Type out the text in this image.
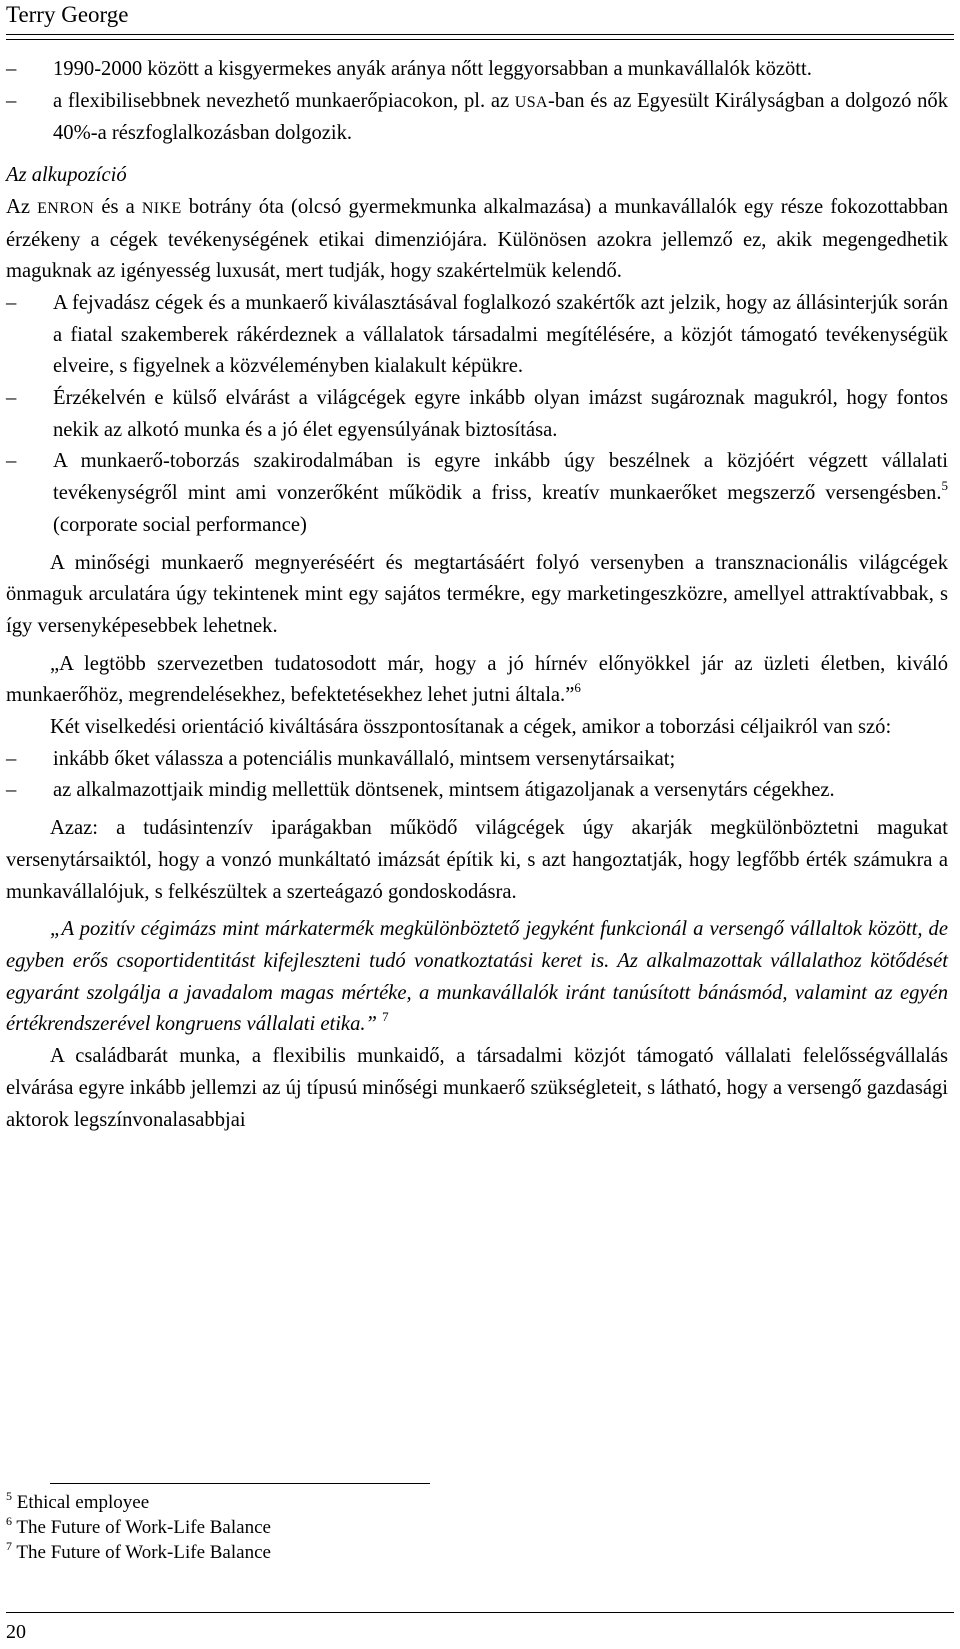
Terry George

– 1990-2000 között a kisgyermekes anyák aránya nőtt leggyorsabban a munkavállalók között.

– a flexibilisebbnek nevezhető munkaerőpiacokon, pl. az USA-ban és az Egyesült Királyságban a dolgozó nők 40%-a részfoglalkozásban dolgozik.

Az alkupozíció

Az ENRON és a NIKE botrány óta (olcsó gyermekmunka alkalmazása) a munkavállalók egy része fokozottabban érzékeny a cégek tevékenységének etikai dimenziójára. Különösen azokra jellemző ez, akik megengedhetik maguknak az igényesség luxusát, mert tudják, hogy szakértelmük kelendő.

– A fejvadász cégek és a munkaerő kiválasztásával foglalkozó szakértők azt jelzik, hogy az állásinterjúk során a fiatal szakemberek rákérdeznek a vállalatok társadalmi megítélésére, a közjót támogató tevékenységük elveire, s figyelnek a közvéleményben kialakult képükre.

– Érzékelvén e külső elvárást a világcégek egyre inkább olyan imázst sugároznak magukról, hogy fontos nekik az alkotó munka és a jó élet egyensúlyának biztosítása.

– A munkaerő-toborzás szakirodalmában is egyre inkább úgy beszélnek a közjóért végzett vállalati tevékenységről mint ami vonzerőként működik a friss, kreatív munkaerőket megszerző versengésben.$^5$ (corporate social performance)

A minőségi munkaerő megnyeréséért és megtartásáért folyó versenyben a transznacionális világcégek önmaguk arculatára úgy tekintenek mint egy sajátos termékre, egy marketingeszközre, amellyel attraktívabbak, s így versenyképesebbek lehetnek.

„A legtöbb szervezetben tudatosodott már, hogy a jó hírnév előnyökkel jár az üzleti életben, kiváló munkaerőhöz, megrendelésekhez, befektetésekhez lehet jutni általa.”$^6$

Két viselkedési orientáció kiváltására összpontosítanak a cégek, amikor a toborzási céljaikról van szó:

– inkább őket válassza a potenciális munkavállaló, mintsem versenytársaikat;

– az alkalmazottjaik mindig mellettük döntsenek, mintsem átigazoljanak a versenytárs cégekhez.

Azaz: a tudásintenzív iparágakban működő világcégek úgy akarják megkülönböztetni magukat versenytársaiktól, hogy a vonzó munkáltató imázsát építik ki, s azt hangoztatják, hogy legfőbb érték számukra a munkavállalójuk, s felkészültek a szerteágazó gondoskodásra.

„A pozitív cégimázs mint márkatermék megkülönböztető jegyként funkcionál a versengő vállaltok között, de egyben erős csoportidentitást kifejleszteni tudó vonatkoztatási keret is. Az alkalmazottak vállalathoz kötődését egyaránt szolgálja a javadalom magas mértéke, a munkavállalók iránt tanúsított bánásmód, valamint az egyén értékrendszerével kongruens vállalati etika.” $^7$

A családbarát munka, a flexibilis munkaidő, a társadalmi közjót támogató vállalati felelősségvállalás elvárása egyre inkább jellemzi az új típusú minőségi munkaerő szükségleteit, s látható, hogy a versengő gazdasági aktorok legszínvonalasabbjai

$^5$ Ethical employee
$^6$ The Future of Work-Life Balance
$^7$ The Future of Work-Life Balance
20
